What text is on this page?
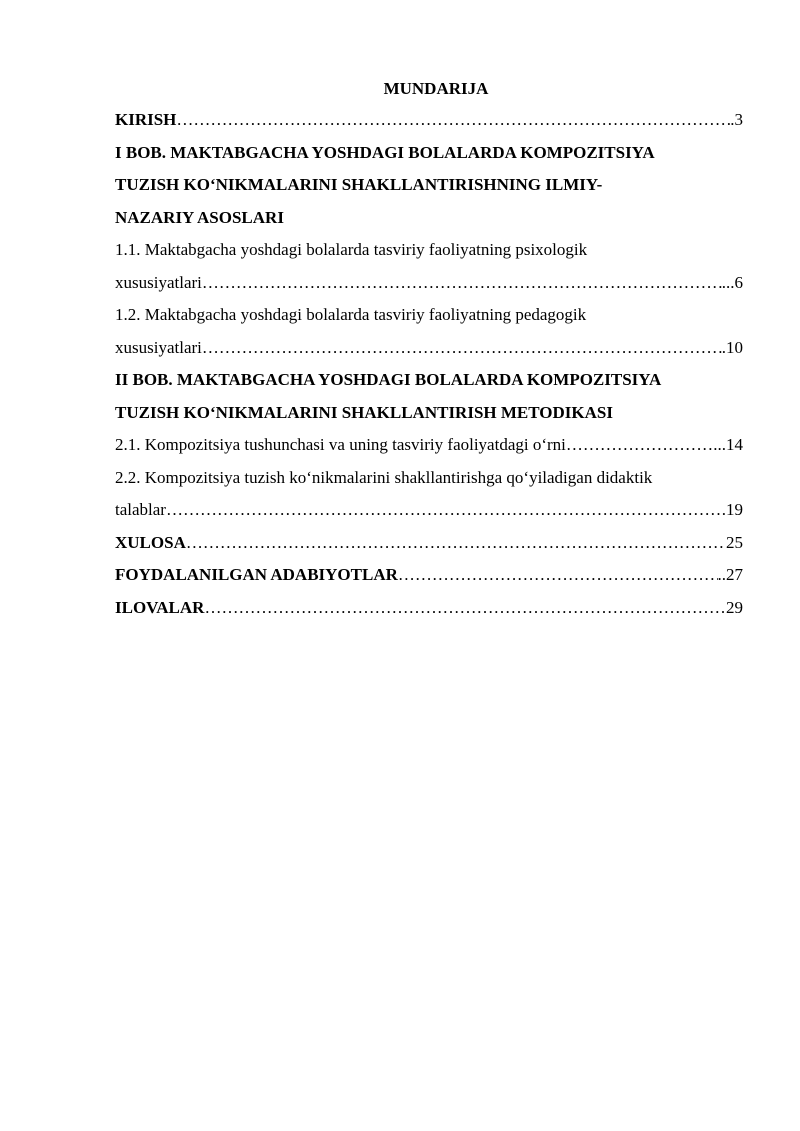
MUNDARIJA
KIRISH ……………………………………………………………………………………………………………………………………………………………………………………	.3
I BOB. MAKTABGACHA YOSHDAGI BOLALARDA KOMPOZITSIYA
TUZISH KO‘NIKMALARINI SHAKLLANTIRISHNING ILMIY-
NAZARIY ASOSLARI
1.1. Maktabgacha yoshdagi bolalarda tasviriy faoliyatning psixologik
xususiyatlari ……………………………………………………………………………………………………………………………………………………………………………………	...6
1.2. Maktabgacha yoshdagi bolalarda tasviriy faoliyatning pedagogik
xususiyatlari ……………………………………………………………………………………………………………………………………………………………………………………	.10
II BOB. MAKTABGACHA YOSHDAGI BOLALARDA KOMPOZITSIYA
TUZISH KO‘NIKMALARINI SHAKLLANTIRISH METODIKASI
2.1. Kompozitsiya tushunchasi va uning tasviriy faoliyatdagi o‘rni ……………………………………………………………………………………………………………………………………………………………………………………	...14
2.2. Kompozitsiya tuzish ko‘nikmalarini shakllantirishga qo‘yiladigan didaktik
talablar ……………………………………………………………………………………………………………………………………………………………………………………	.19
XULOSA ……………………………………………………………………………………………………………………………………………………………………………………	25
FOYDALANILGAN ADABIYOTLAR ……………………………………………………………………………………………………………………………………………………………………………………	..27
ILOVALAR ……………………………………………………………………………………………………………………………………………………………………………………	29
